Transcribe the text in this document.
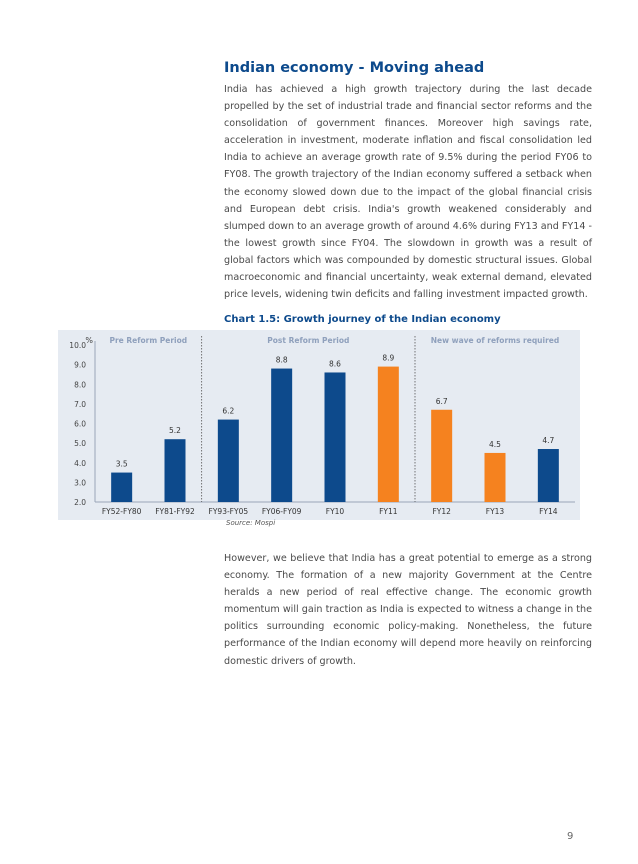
Indian economy - Moving ahead

India has achieved a high growth trajectory during the last decade propelled by the set of industrial trade and financial sector reforms and the consolidation of government finances. Moreover high savings rate, acceleration in investment, moderate inflation and fiscal consolidation led India to achieve an average growth rate of 9.5% during the period FY06 to FY08. The growth trajectory of the Indian economy suffered a setback when the economy slowed down due to the impact of the global financial crisis and European debt crisis. India's growth weakened considerably and slumped down to an average growth of around 4.6% during FY13 and FY14 - the lowest growth since FY04. The slowdown in growth was a result of global factors which was compounded by domestic structural issues. Global macroeconomic and financial uncertainty, weak external demand, elevated price levels, widening twin deficits and falling investment impacted growth.

Chart 1.5: Growth journey of the Indian economy
%
2.0
3.0
4.0
5.0
6.0
7.0
8.0
9.0
10.0
Pre Reform Period	Post Reform Period	New wave of reforms required
3.5
FY52-FY80
5.2
FY81-FY92
6.2
FY93-FY05
8.8
FY06-FY09
8.6
FY10
8.9
FY11
6.7
FY12
4.5
FY13
4.7
FY14

Source: Mospi

However, we believe that India has a great potential to emerge as a strong economy. The formation of a new majority Government at the Centre heralds a new period of real effective change. The economic growth momentum will gain traction as India is expected to witness a change in the politics surrounding economic policy-making. Nonetheless, the future performance of the Indian economy will depend more heavily on reinforcing domestic drivers of growth.

9
